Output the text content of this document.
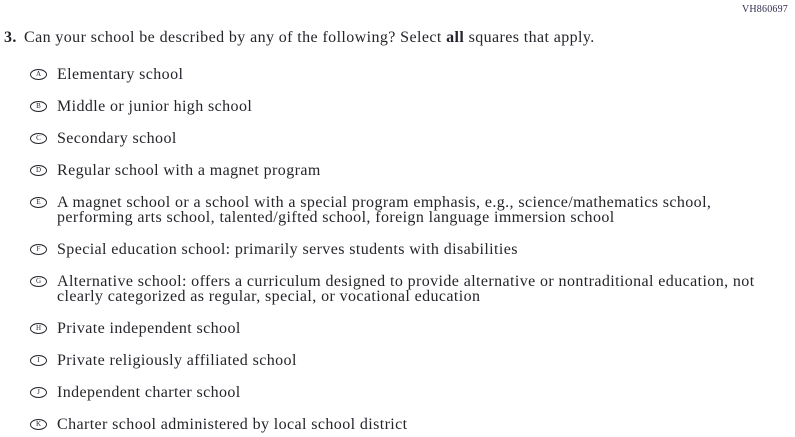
VH860697
3. Can your school be described by any of the following? Select all squares that apply.
A Elementary school
B	Middle or junior high school
C	Secondary school
D Regular school with a magnet program
E	A magnet school or a school with a special program emphasis, e.g., science/mathematics school, performing arts school, talented/gifted school, foreign language immersion school
F	Special education school: primarily serves students with disabilities
G Alternative school: offers a curriculum designed to provide alternative or nontraditional education, not clearly categorized as regular, special, or vocational education
H Private independent school
I	Private religiously affiliated school
J	Independent charter school
K Charter school administered by local school district
